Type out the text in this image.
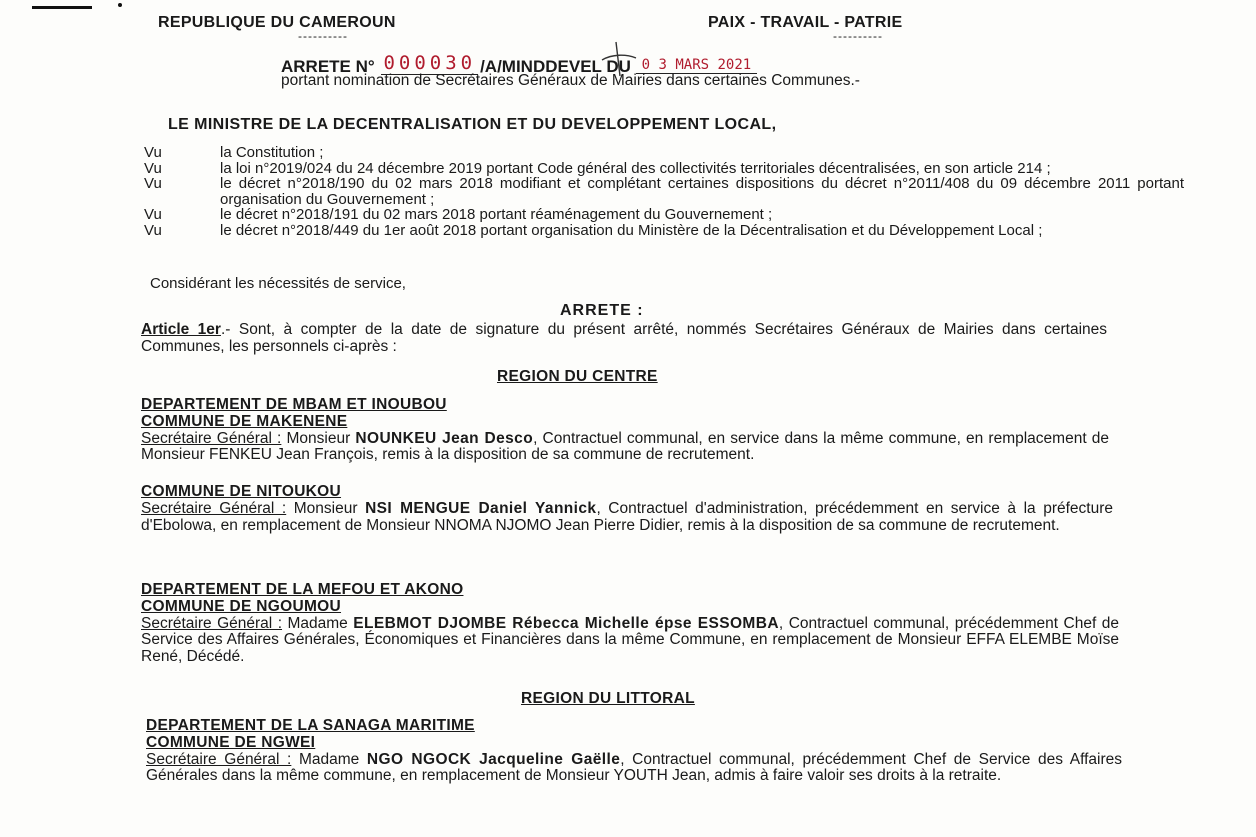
REPUBLIQUE DU CAMEROUN
----------
PAIX - TRAVAIL - PATRIE
----------
ARRETE N° 000030 /A/MINDDEVEL DU 0 3 MARS 2021
portant nomination de Secrétaires Généraux de Mairies dans certaines Communes.-
LE MINISTRE DE LA DECENTRALISATION ET DU DEVELOPPEMENT LOCAL,
Vu	la Constitution ;
Vu	la loi n°2019/024 du 24 décembre 2019 portant Code général des collectivités territoriales décentralisées, en son article 214 ;
Vu	le décret n°2018/190 du 02 mars 2018 modifiant et complétant certaines dispositions du décret n°2011/408 du 09 décembre 2011 portant organisation du Gouvernement ;
Vu	le décret n°2018/191 du 02 mars 2018 portant réaménagement du Gouvernement ;
Vu	le décret n°2018/449 du 1er août 2018 portant organisation du Ministère de la Décentralisation et du Développement Local ;
Considérant les nécessités de service,
ARRETE :
Article 1er.- Sont, à compter de la date de signature du présent arrêté, nommés Secrétaires Généraux de Mairies dans certaines Communes, les personnels ci-après :
REGION DU CENTRE
DEPARTEMENT DE MBAM ET INOUBOU
COMMUNE DE MAKENENE
Secrétaire Général : Monsieur NOUNKEU Jean Desco, Contractuel communal, en service dans la même commune, en remplacement de Monsieur FENKEU Jean François, remis à la disposition de sa commune de recrutement.
COMMUNE DE NITOUKOU
Secrétaire Général : Monsieur NSI MENGUE Daniel Yannick, Contractuel d'administration, précédemment en service à la préfecture d'Ebolowa, en remplacement de Monsieur NNOMA NJOMO Jean Pierre Didier, remis à la disposition de sa commune de recrutement.
DEPARTEMENT DE LA MEFOU ET AKONO
COMMUNE DE NGOUMOU
Secrétaire Général : Madame ELEBMOT DJOMBE Rébecca Michelle épse ESSOMBA, Contractuel communal, précédemment Chef de Service des Affaires Générales, Économiques et Financières dans la même Commune, en remplacement de Monsieur EFFA ELEMBE Moïse René, Décédé.
REGION DU LITTORAL
DEPARTEMENT DE LA SANAGA MARITIME
COMMUNE DE NGWEI
Secrétaire Général : Madame NGO NGOCK Jacqueline Gaëlle, Contractuel communal, précédemment Chef de Service des Affaires Générales dans la même commune, en remplacement de Monsieur YOUTH Jean, admis à faire valoir ses droits à la retraite.
